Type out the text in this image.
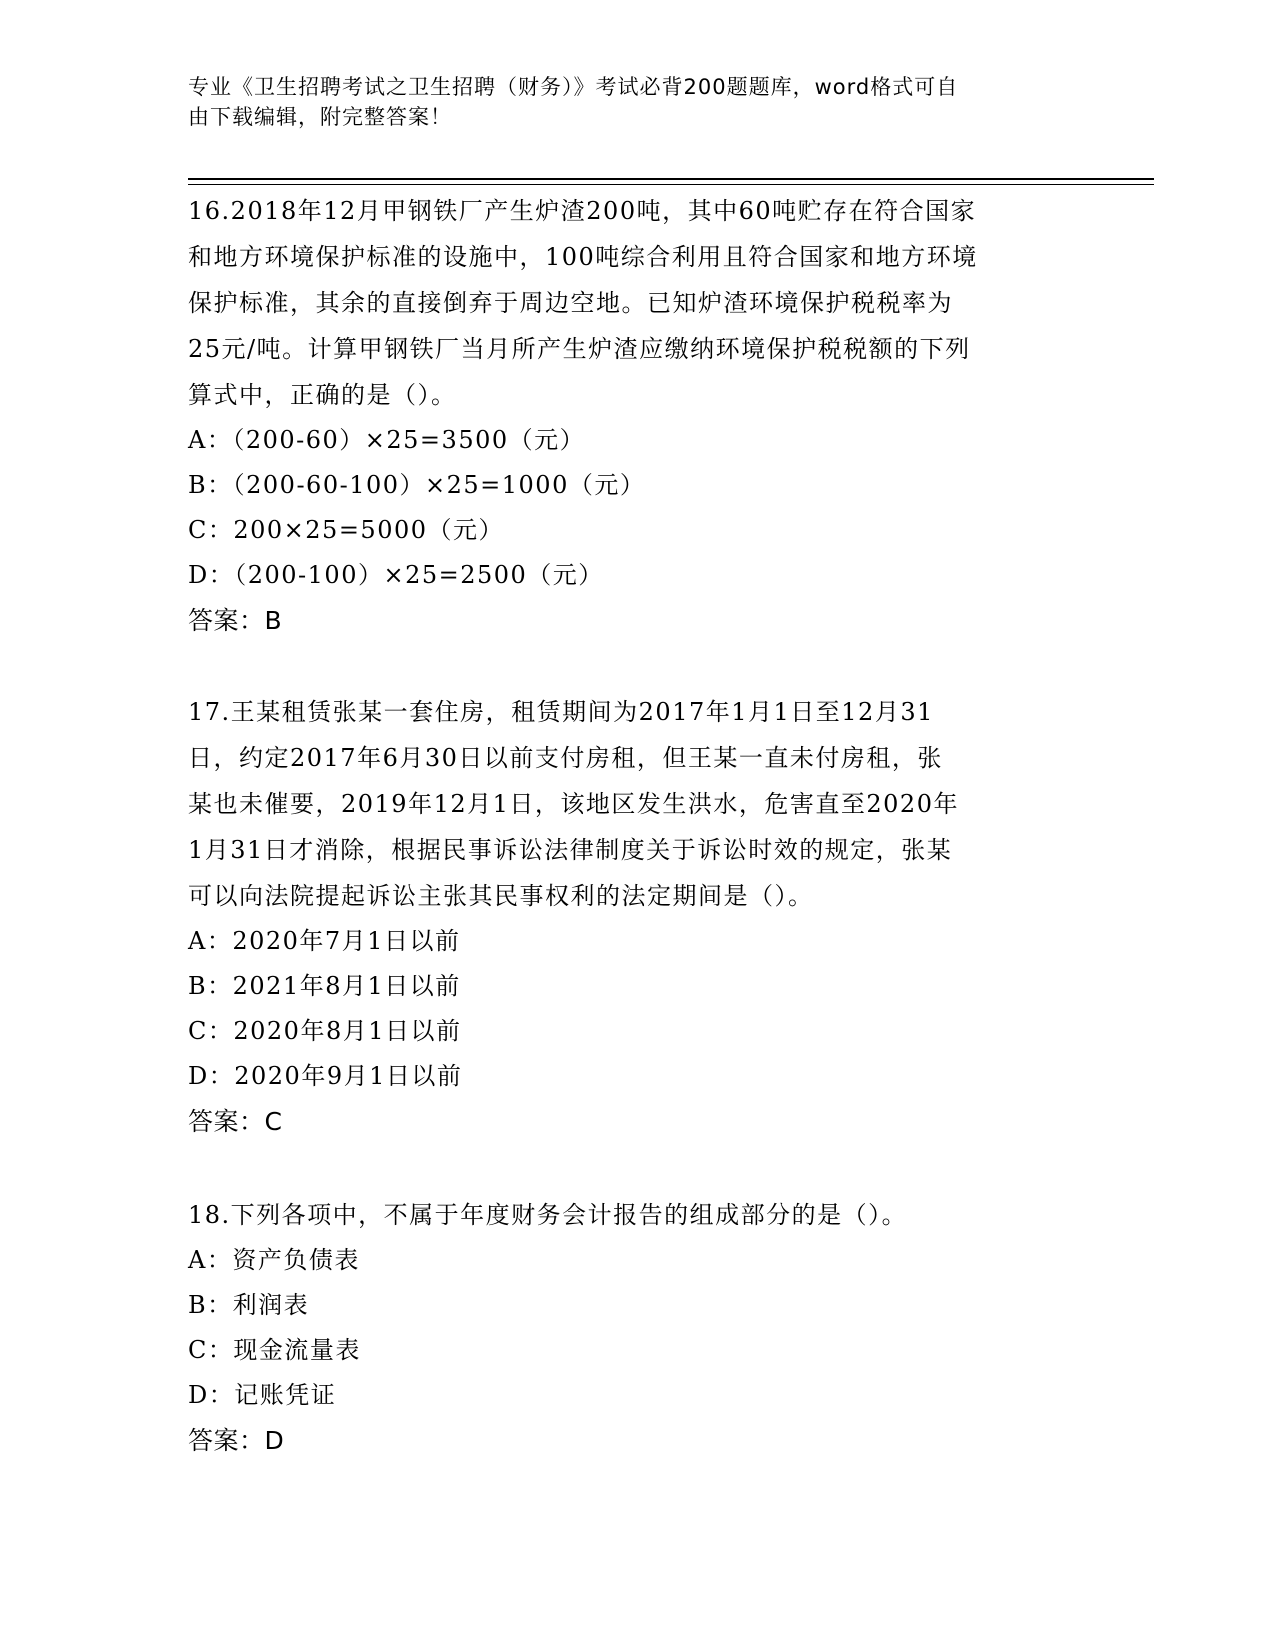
专业《卫生招聘考试之卫生招聘（财务）》考试必背200题题库，word格式可自
由下载编辑，附完整答案！
16.2018年12月甲钢铁厂产生炉渣200吨，其中60吨贮存在符合国家
和地方环境保护标准的设施中，100吨综合利用且符合国家和地方环境
保护标准，其余的直接倒弃于周边空地。已知炉渣环境保护税税率为
25元/吨。计算甲钢铁厂当月所产生炉渣应缴纳环境保护税税额的下列
算式中，正确的是（）。
A：（200-60）×25=3500（元）
B：（200-60-100）×25=1000（元）
C：200×25=5000（元）
D：（200-100）×25=2500（元）
答案：B
17.王某租赁张某一套住房，租赁期间为2017年1月1日至12月31
日，约定2017年6月30日以前支付房租，但王某一直未付房租，张
某也未催要，2019年12月1日，该地区发生洪水，危害直至2020年
1月31日才消除，根据民事诉讼法律制度关于诉讼时效的规定，张某
可以向法院提起诉讼主张其民事权利的法定期间是（）。
A：2020年7月1日以前
B：2021年8月1日以前
C：2020年8月1日以前
D：2020年9月1日以前
答案：C
18.下列各项中，不属于年度财务会计报告的组成部分的是（）。
A：资产负债表
B：利润表
C：现金流量表
D：记账凭证
答案：D
